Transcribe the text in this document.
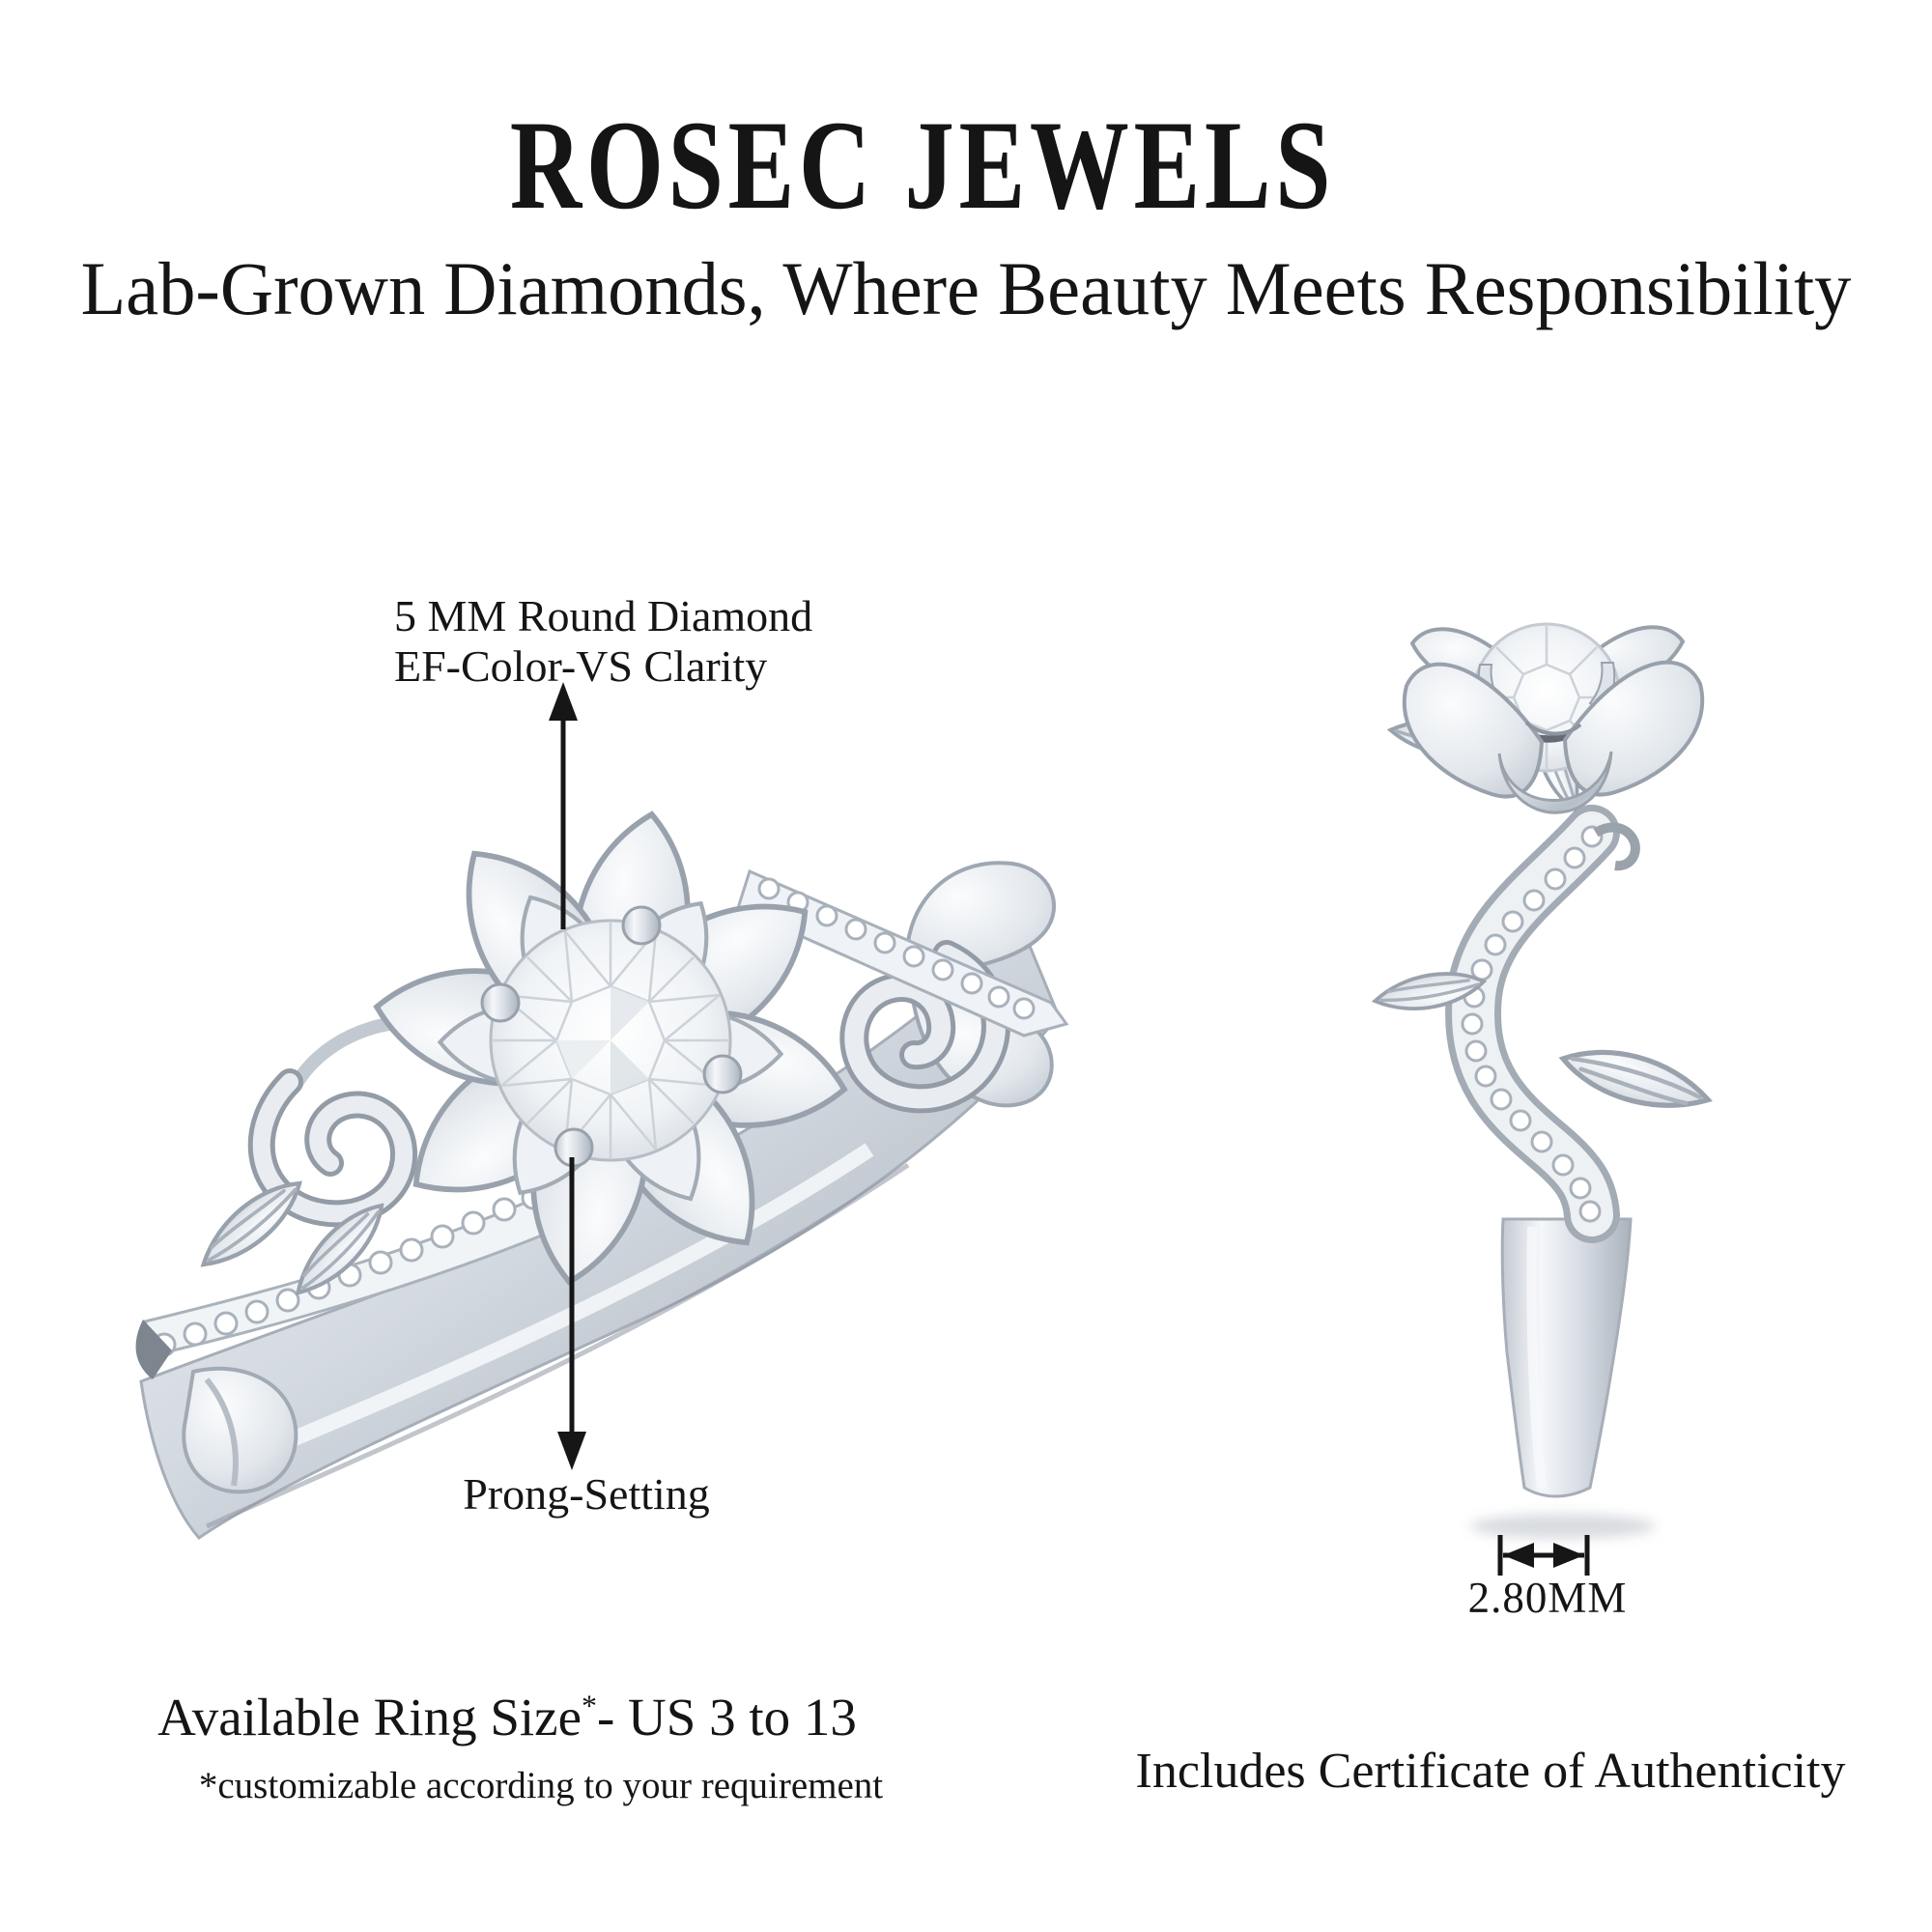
ROSEC JEWELS
Lab-Grown Diamonds, Where Beauty Meets Responsibility
5 MM Round Diamond
EF-Color-VS Clarity
Prong-Setting
2.80MM
Available Ring Size*- US 3 to 13
*customizable according to your requirement	Includes Certificate of Authenticity
